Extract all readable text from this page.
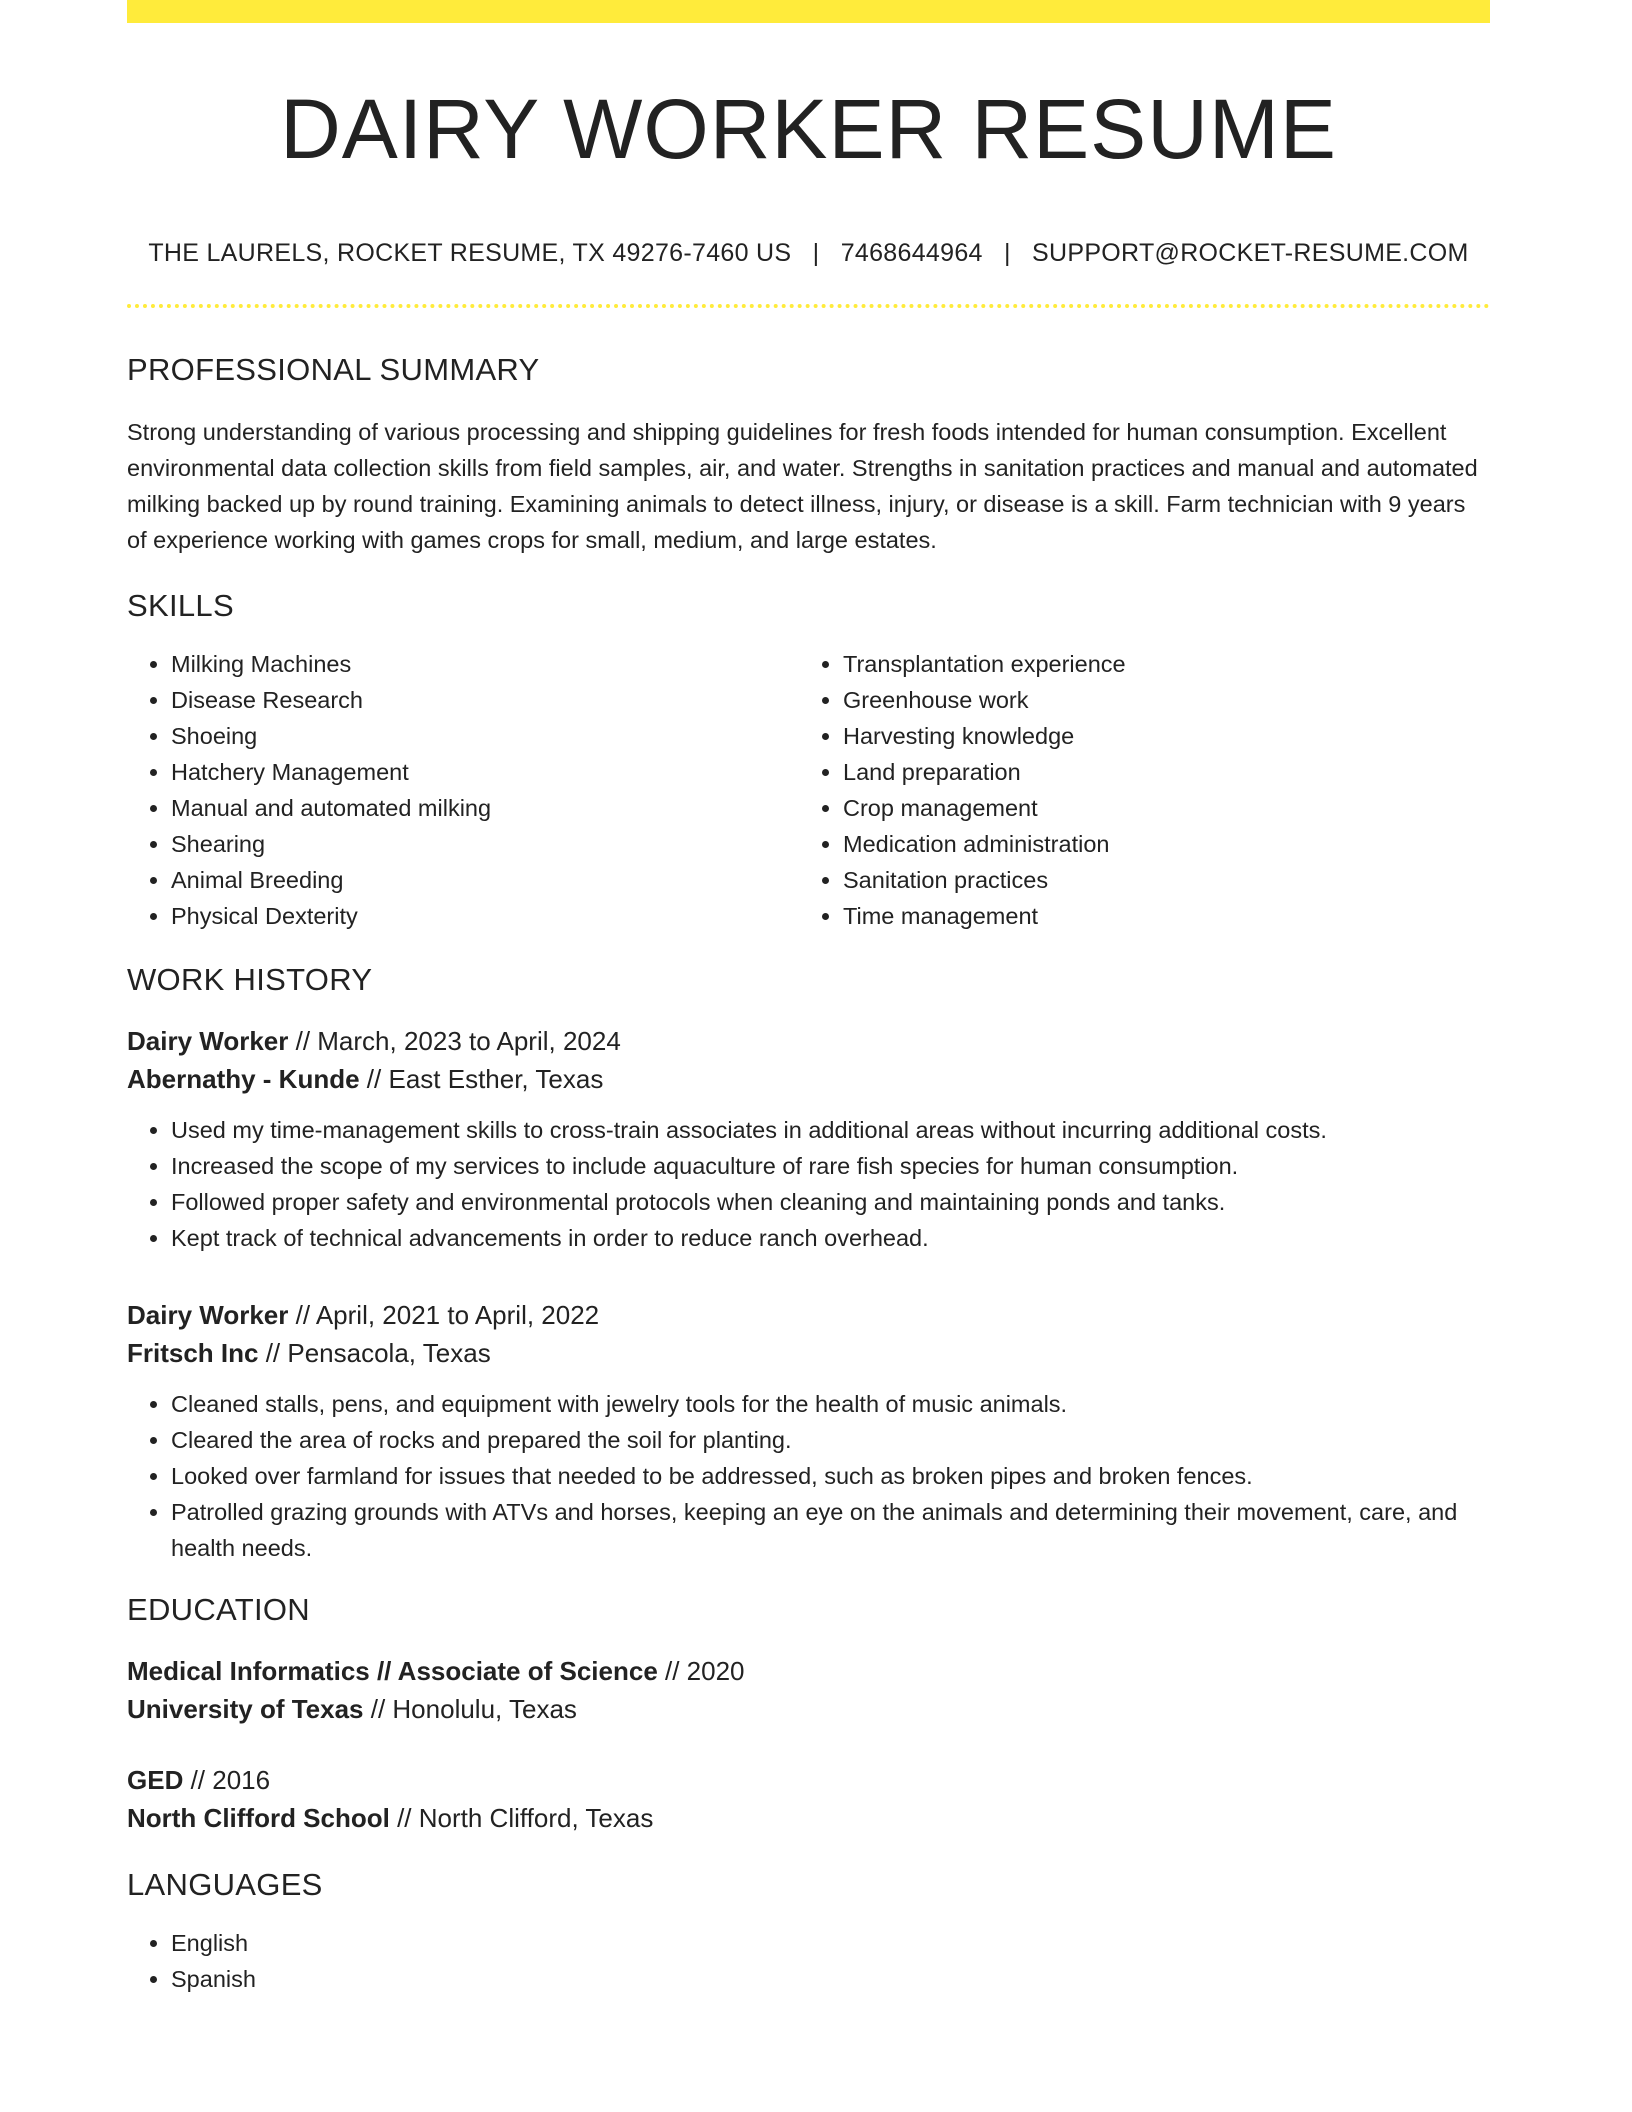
DAIRY WORKER RESUME
THE LAURELS, ROCKET RESUME, TX 49276-7460 US | 7468644964 | SUPPORT@ROCKET-RESUME.COM
PROFESSIONAL SUMMARY

Strong understanding of various processing and shipping guidelines for fresh foods intended for human consumption. Excellent environmental data collection skills from field samples, air, and water. Strengths in sanitation practices and manual and automated milking backed up by round training. Examining animals to detect illness, injury, or disease is a skill. Farm technician with 9 years of experience working with games crops for small, medium, and large estates.

SKILLS
• Milking Machines
• Disease Research
• Shoeing
• Hatchery Management
• Manual and automated milking
• Shearing
• Animal Breeding
• Physical Dexterity
• Transplantation experience
• Greenhouse work
• Harvesting knowledge
• Land preparation
• Crop management
• Medication administration
• Sanitation practices
• Time management
WORK HISTORY
Dairy Worker // March, 2023 to April, 2024
Abernathy - Kunde // East Esther, Texas
• Used my time-management skills to cross-train associates in additional areas without incurring additional costs.
• Increased the scope of my services to include aquaculture of rare fish species for human consumption.
• Followed proper safety and environmental protocols when cleaning and maintaining ponds and tanks.
• Kept track of technical advancements in order to reduce ranch overhead.
Dairy Worker // April, 2021 to April, 2022
Fritsch Inc // Pensacola, Texas
• Cleaned stalls, pens, and equipment with jewelry tools for the health of music animals.
• Cleared the area of rocks and prepared the soil for planting.
• Looked over farmland for issues that needed to be addressed, such as broken pipes and broken fences.
• Patrolled grazing grounds with ATVs and horses, keeping an eye on the animals and determining their movement, care, and health needs.
EDUCATION
Medical Informatics // Associate of Science // 2020
University of Texas // Honolulu, Texas
GED // 2016
North Clifford School // North Clifford, Texas
LANGUAGES
• English
• Spanish
